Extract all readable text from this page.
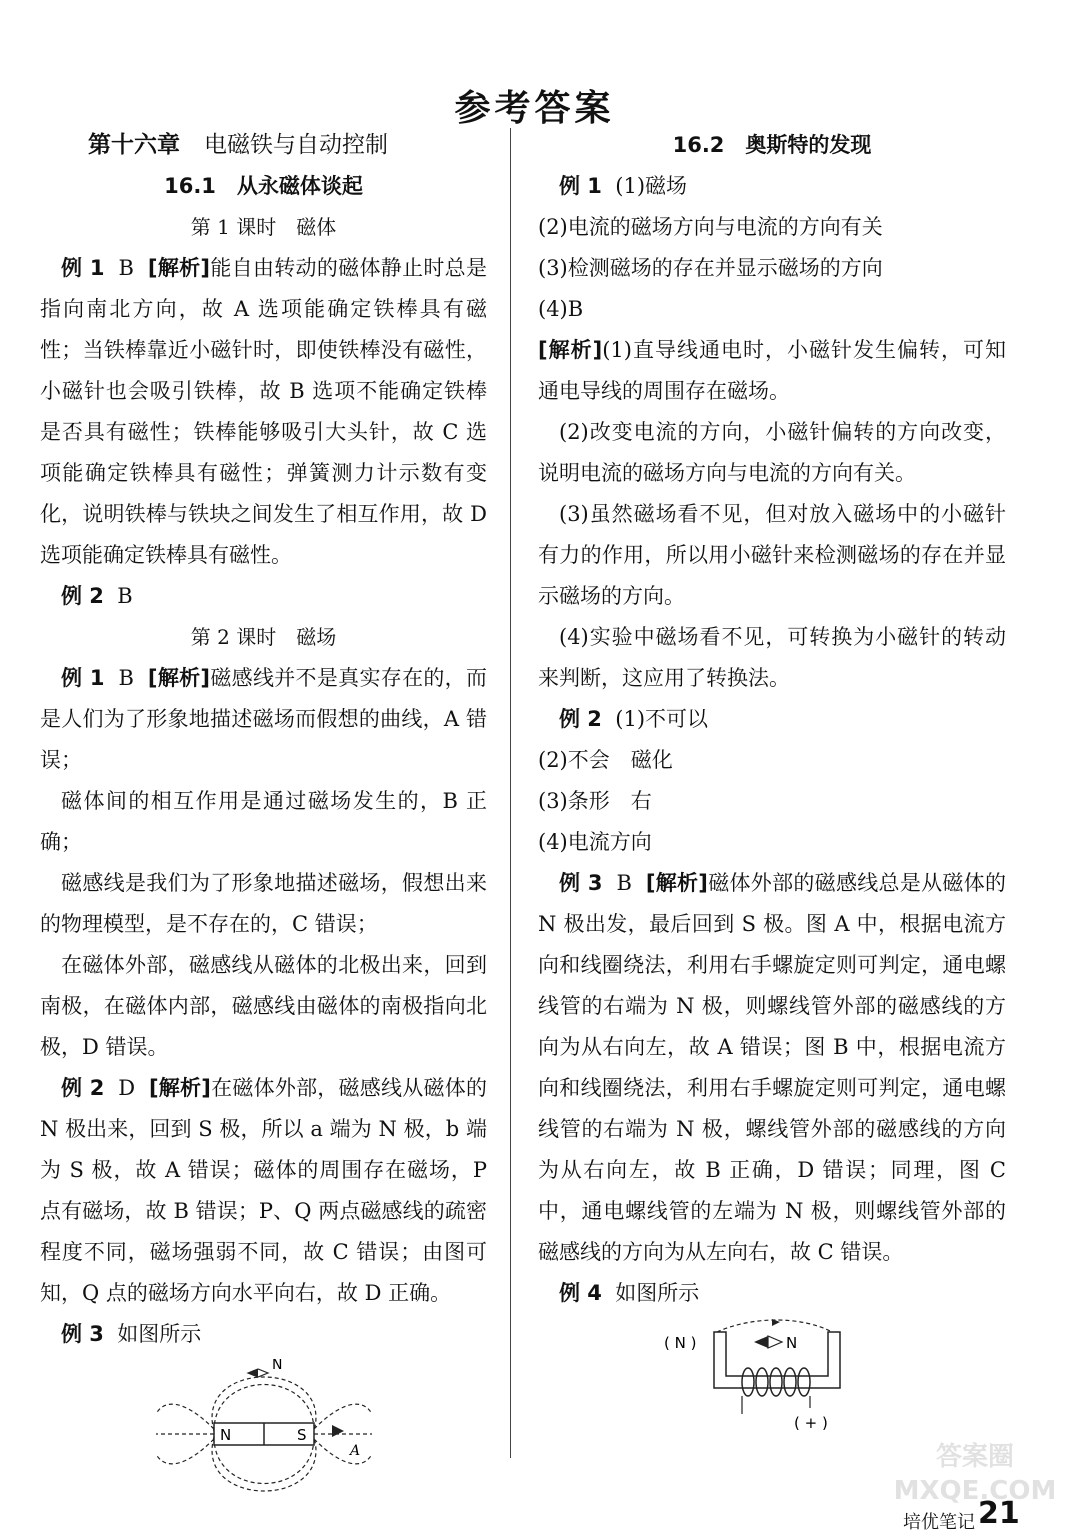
参考答案
第十六章 电磁铁与自动控制
16.1　从永磁体谈起
第 1 课时　磁体

例 1 B [解析]能自由转动的磁体静止时总是指向南北方向，故 A 选项能确定铁棒具有磁性；当铁棒靠近小磁针时，即使铁棒没有磁性，小磁针也会吸引铁棒，故 B 选项不能确定铁棒是否具有磁性；铁棒能够吸引大头针，故 C 选项能确定铁棒具有磁性；弹簧测力计示数有变化，说明铁棒与铁块之间发生了相互作用，故 D 选项能确定铁棒具有磁性。

例 2 B

第 2 课时　磁场

例 1 B [解析]磁感线并不是真实存在的，而是人们为了形象地描述磁场而假想的曲线，A 错误；

磁体间的相互作用是通过磁场发生的，B 正确；

磁感线是我们为了形象地描述磁场，假想出来的物理模型，是不存在的，C 错误；

在磁体外部，磁感线从磁体的北极出来，回到南极，在磁体内部，磁感线由磁体的南极指向北极，D 错误。

例 2 D [解析]在磁体外部，磁感线从磁体的 N 极出来，回到 S 极，所以 a 端为 N 极，b 端为 S 极，故 A 错误；磁体的周围存在磁场，P 点有磁场，故 B 错误；P、Q 两点磁感线的疏密程度不同，磁场强弱不同，故 C 错误；由图可知，Q 点的磁场方向水平向右，故 D 正确。

例 3 如图所示

N	S
N
A
16.2　奥斯特的发现

例 1 (1)磁场

(2)电流的磁场方向与电流的方向有关

(3)检测磁场的存在并显示磁场的方向

(4)B

[解析](1)直导线通电时，小磁针发生偏转，可知通电导线的周围存在磁场。

(2)改变电流的方向，小磁针偏转的方向改变，说明电流的磁场方向与电流的方向有关。

(3)虽然磁场看不见，但对放入磁场中的小磁针有力的作用，所以用小磁针来检测磁场的存在并显示磁场的方向。

(4)实验中磁场看不见，可转换为小磁针的转动来判断，这应用了转换法。

例 2 (1)不可以

(2)不会　磁化

(3)条形　右

(4)电流方向

例 3 B [解析]磁体外部的磁感线总是从磁体的 N 极出发，最后回到 S 极。图 A 中，根据电流方向和线圈绕法，利用右手螺旋定则可判定，通电螺线管的右端为 N 极，则螺线管外部的磁感线的方向为从右向左，故 A 错误；图 B 中，根据电流方向和线圈绕法，利用右手螺旋定则可判定，通电螺线管的右端为 N 极，螺线管外部的磁感线的方向为从右向左，故 B 正确，D 错误；同理，图 C 中，通电螺线管的左端为 N 极，则螺线管外部的磁感线的方向为从左向右，故 C 错误。

例 4 如图所示

N
( N )
( + )
答案圈 MXQE.COM
培优笔记 21
